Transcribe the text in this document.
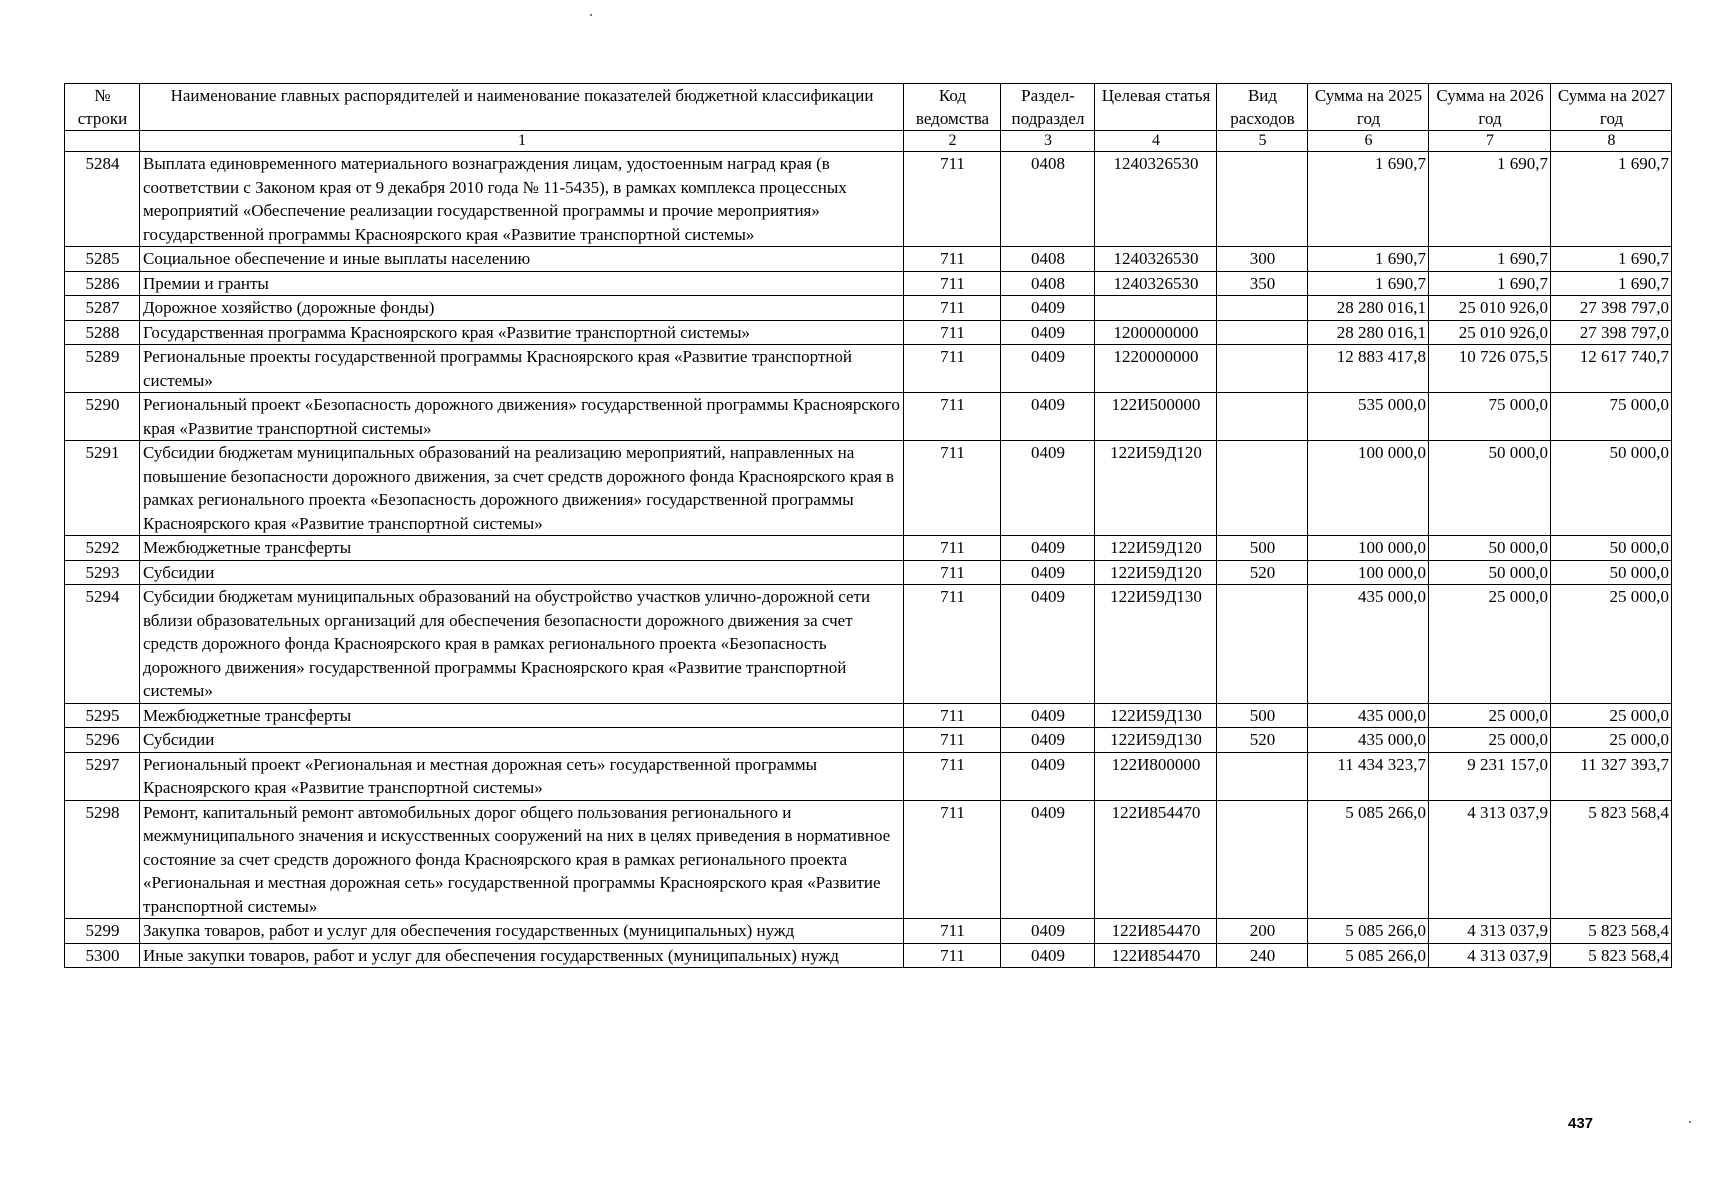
№ строки	Наименование главных распорядителей и наименование показателей бюджетной классификации	Код ведомства	Раздел-подраздел	Целевая статья	Вид расходов	Сумма на 2025 год	Сумма на 2026 год	Сумма на 2027 год
	1	2	3	4	5	6	7	8
5284	Выплата единовременного материального вознаграждения лицам, удостоенным наград края (в соответствии с Законом края от 9 декабря 2010 года № 11-5435), в рамках комплекса процессных мероприятий «Обеспечение реализации государственной программы и прочие мероприятия» государственной программы Красноярского края «Развитие транспортной системы»	711	0408	1240326530		1 690,7	1 690,7	1 690,7
5285	Социальное обеспечение и иные выплаты населению	711	0408	1240326530	300	1 690,7	1 690,7	1 690,7
5286	Премии и гранты	711	0408	1240326530	350	1 690,7	1 690,7	1 690,7
5287	Дорожное хозяйство (дорожные фонды)	711	0409			28 280 016,1	25 010 926,0	27 398 797,0
5288	Государственная программа Красноярского края «Развитие транспортной системы»	711	0409	1200000000		28 280 016,1	25 010 926,0	27 398 797,0
5289	Региональные проекты государственной программы Красноярского края «Развитие транспортной системы»	711	0409	1220000000		12 883 417,8	10 726 075,5	12 617 740,7
5290	Региональный проект «Безопасность дорожного движения» государственной программы Красноярского края «Развитие транспортной системы»	711	0409	122И500000		535 000,0	75 000,0	75 000,0
5291	Субсидии бюджетам муниципальных образований на реализацию мероприятий, направленных на повышение безопасности дорожного движения, за счет средств дорожного фонда Красноярского края в рамках регионального проекта «Безопасность дорожного движения» государственной программы Красноярского края «Развитие транспортной системы»	711	0409	122И59Д120		100 000,0	50 000,0	50 000,0
5292	Межбюджетные трансферты	711	0409	122И59Д120	500	100 000,0	50 000,0	50 000,0
5293	Субсидии	711	0409	122И59Д120	520	100 000,0	50 000,0	50 000,0
5294	Субсидии бюджетам муниципальных образований на обустройство участков улично-дорожной сети вблизи образовательных организаций для обеспечения безопасности дорожного движения за счет средств дорожного фонда Красноярского края в рамках регионального проекта «Безопасность дорожного движения» государственной программы Красноярского края «Развитие транспортной системы»	711	0409	122И59Д130		435 000,0	25 000,0	25 000,0
5295	Межбюджетные трансферты	711	0409	122И59Д130	500	435 000,0	25 000,0	25 000,0
5296	Субсидии	711	0409	122И59Д130	520	435 000,0	25 000,0	25 000,0
5297	Региональный проект «Региональная и местная дорожная сеть» государственной программы Красноярского края «Развитие транспортной системы»	711	0409	122И800000		11 434 323,7	9 231 157,0	11 327 393,7
5298	Ремонт, капитальный ремонт автомобильных дорог общего пользования регионального и межмуниципального значения и искусственных сооружений на них в целях приведения в нормативное состояние за счет средств дорожного фонда Красноярского края в рамках регионального проекта «Региональная и местная дорожная сеть» государственной программы Красноярского края «Развитие транспортной системы»	711	0409	122И854470		5 085 266,0	4 313 037,9	5 823 568,4
5299	Закупка товаров, работ и услуг для обеспечения государственных (муниципальных) нужд	711	0409	122И854470	200	5 085 266,0	4 313 037,9	5 823 568,4
5300	Иные закупки товаров, работ и услуг для обеспечения государственных (муниципальных) нужд	711	0409	122И854470	240	5 085 266,0	4 313 037,9	5 823 568,4
437
